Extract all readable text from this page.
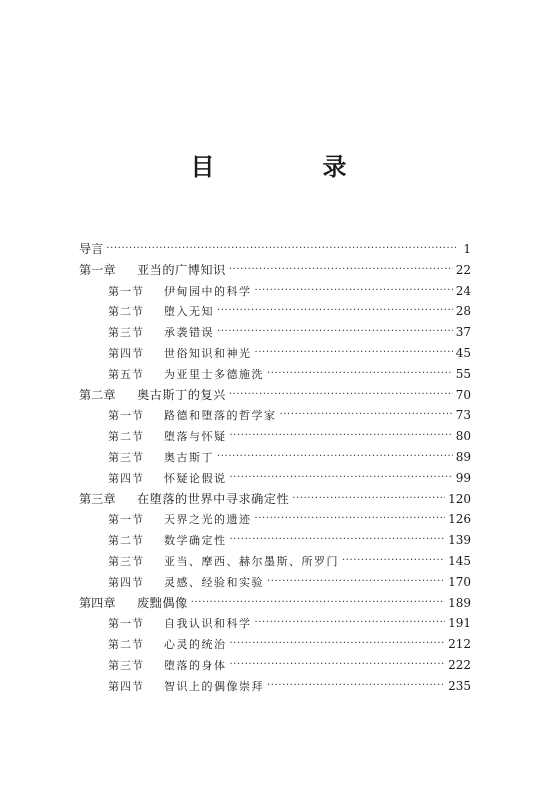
目　录
导言 ·····	1
第一章	亚当的广博知识 ·····	22
第一节	伊甸园中的科学 ·····	24
第二节	堕入无知 ·····	28
第三节	承袭错误 ·····	37
第四节	世俗知识和神光 ·····	45
第五节	为亚里士多德施洗 ·····	55
第二章	奥古斯丁的复兴 ·····	70
第一节	路德和堕落的哲学家 ·····	73
第二节	堕落与怀疑 ·····	80
第三节	奥古斯丁 ·····	89
第四节	怀疑论假说 ·····	99
第三章	在堕落的世界中寻求确定性 ·····	120
第一节	天界之光的遗迹 ·····	126
第二节	数学确定性 ·····	139
第三节	亚当、摩西、赫尔墨斯、所罗门 ·····	145
第四节	灵感、经验和实验 ·····	170
第四章	废黜偶像 ·····	189
第一节	自我认识和科学 ·····	191
第二节	心灵的统治 ·····	212
第三节	堕落的身体 ·····	222
第四节	智识上的偶像崇拜 ·····	235
